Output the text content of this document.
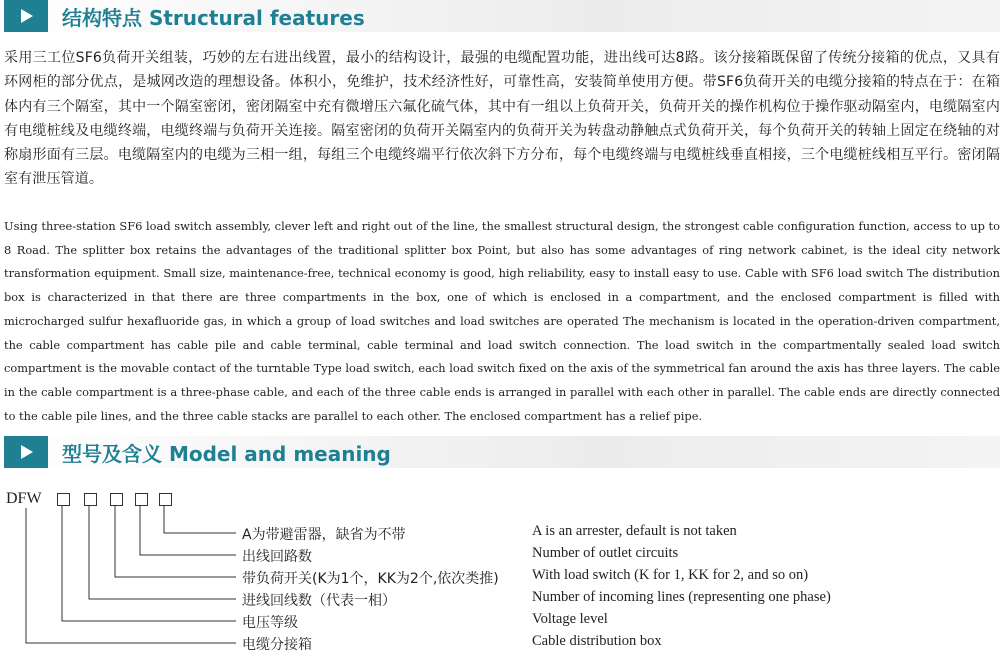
结构特点 Structural features
采用三工位SF6负荷开关组装，巧妙的左右进出线置，最小的结构设计，最强的电缆配置功能，进出线可达8路。该分接箱既保留了传统分接箱的优点，又具有环网柜的部分优点，是城网改造的理想设备。体积小，免维护，技术经济性好，可靠性高，安装简单使用方便。带SF6负荷开关的电缆分接箱的特点在于：在箱体内有三个隔室，其中一个隔室密闭，密闭隔室中充有微增压六氟化硫气体，其中有一组以上负荷开关，负荷开关的操作机构位于操作驱动隔室内，电缆隔室内有电缆桩线及电缆终端，电缆终端与负荷开关连接。隔室密闭的负荷开关隔室内的负荷开关为转盘动静触点式负荷开关，每个负荷开关的转轴上固定在绕轴的对称扇形面有三层。电缆隔室内的电缆为三相一组，每组三个电缆终端平行依次斜下方分布，每个电缆终端与电缆桩线垂直相接，三个电缆桩线相互平行。密闭隔室有泄压管道。
Using three-station SF6 load switch assembly, clever left and right out of the line, the smallest structural design, the strongest cable configuration function, access to up to 8 Road. The splitter box retains the advantages of the traditional splitter box Point, but also has some advantages of ring network cabinet, is the ideal city network transformation equipment. Small size, maintenance-free, technical economy is good, high reliability, easy to install easy to use. Cable with SF6 load switch The distribution box is characterized in that there are three compartments in the box, one of which is enclosed in a compartment, and the enclosed compartment is filled with microcharged sulfur hexafluoride gas, in which a group of load switches and load switches are operated The mechanism is located in the operation-driven compartment, the cable compartment has cable pile and cable terminal, cable terminal and load switch connection. The load switch in the compartmentally sealed load switch compartment is the movable contact of the turntable Type load switch, each load switch fixed on the axis of the symmetrical fan around the axis has three layers. The cable in the cable compartment is a three-phase cable, and each of the three cable ends is arranged in parallel with each other in parallel. The cable ends are directly connected to the cable pile lines, and the three cable stacks are parallel to each other. The enclosed compartment has a relief pipe.
型号及含义 Model and meaning
DFW
A为带避雷器，缺省为不带	A is an arrester, default is not taken
出线回路数	Number of outlet circuits
带负荷开关(K为1个，KK为2个,依次类推) With load switch (K for 1, KK for 2, and so on)
进线回线数（代表一相）	Number of incoming lines (representing one phase)
电压等级	Voltage level
电缆分接箱	Cable distribution box
